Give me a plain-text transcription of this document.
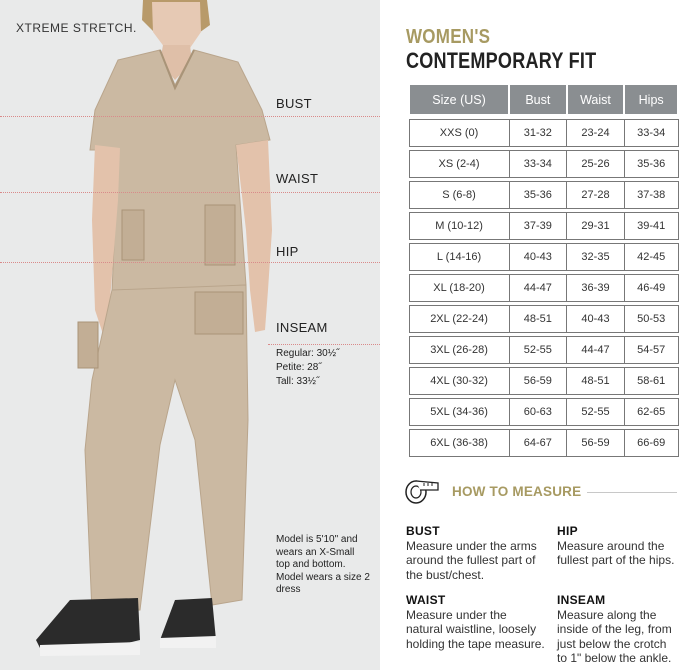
XTREME STRETCH.
BUST
WAIST
HIP
INSEAM
Regular: 30½˝
Petite: 28˝
Tall: 33½˝
Model is 5'10" and wears an X-Small top and bottom. Model wears a size 2 dress
WOMEN'S
CONTEMPORARY FIT
Size (US)	Bust	Waist	Hips

XXS (0)	31-32	23-24	33-34

XS (2-4)	33-34	25-26	35-36

S (6-8)	35-36	27-28	37-38

M (10-12)	37-39	29-31	39-41

L (14-16)	40-43	32-35	42-45

XL (18-20)	44-47	36-39	46-49

2XL (22-24)	48-51	40-43	50-53

3XL (26-28)	52-55	44-47	54-57

4XL (30-32)	56-59	48-51	58-61

5XL (34-36)	60-63	52-55	62-65

6XL (36-38)	64-67	56-59	66-69
HOW TO MEASURE
BUST
Measure under the arms around the fullest part of the bust/chest.
HIP
Measure around the fullest part of the hips.
WAIST
Measure under the natural waistline, loosely holding the tape measure.
INSEAM
Measure along the inside of the leg, from just below the crotch to 1" below the ankle.
